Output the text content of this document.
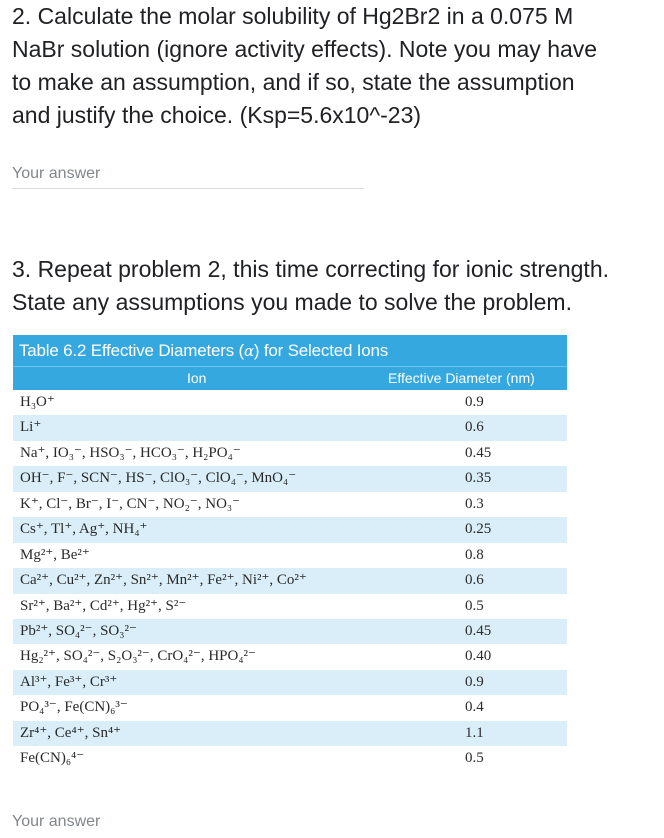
2. Calculate the molar solubility of Hg2Br2 in a 0.075 M
NaBr solution (ignore activity effects). Note you may have
to make an assumption, and if so, state the assumption
and justify the choice. (Ksp=5.6x10^-23)
Your answer
3. Repeat problem 2, this time correcting for ionic strength.
State any assumptions you made to solve the problem.
Table 6.2 Effective Diameters (α) for Selected Ions
Ion	Effective Diameter (nm)
H₃O⁺	0.9
Li⁺	0.6
Na⁺, IO₃⁻, HSO₃⁻, HCO₃⁻, H₂PO₄⁻	0.45
OH⁻, F⁻, SCN⁻, HS⁻, ClO₃⁻, ClO₄⁻, MnO₄⁻	0.35
K⁺, Cl⁻, Br⁻, I⁻, CN⁻, NO₂⁻, NO₃⁻	0.3
Cs⁺, Tl⁺, Ag⁺, NH₄⁺	0.25
Mg²⁺, Be²⁺	0.8
Ca²⁺, Cu²⁺, Zn²⁺, Sn²⁺, Mn²⁺, Fe²⁺, Ni²⁺, Co²⁺	0.6
Sr²⁺, Ba²⁺, Cd²⁺, Hg²⁺, S²⁻	0.5
Pb²⁺, SO₄²⁻, SO₃²⁻	0.45
Hg₂²⁺, SO₄²⁻, S₂O₃²⁻, CrO₄²⁻, HPO₄²⁻	0.40
Al³⁺, Fe³⁺, Cr³⁺	0.9
PO₄³⁻, Fe(CN)₆³⁻	0.4
Zr⁴⁺, Ce⁴⁺, Sn⁴⁺	1.1
Fe(CN)₆⁴⁻	0.5
Your answer
